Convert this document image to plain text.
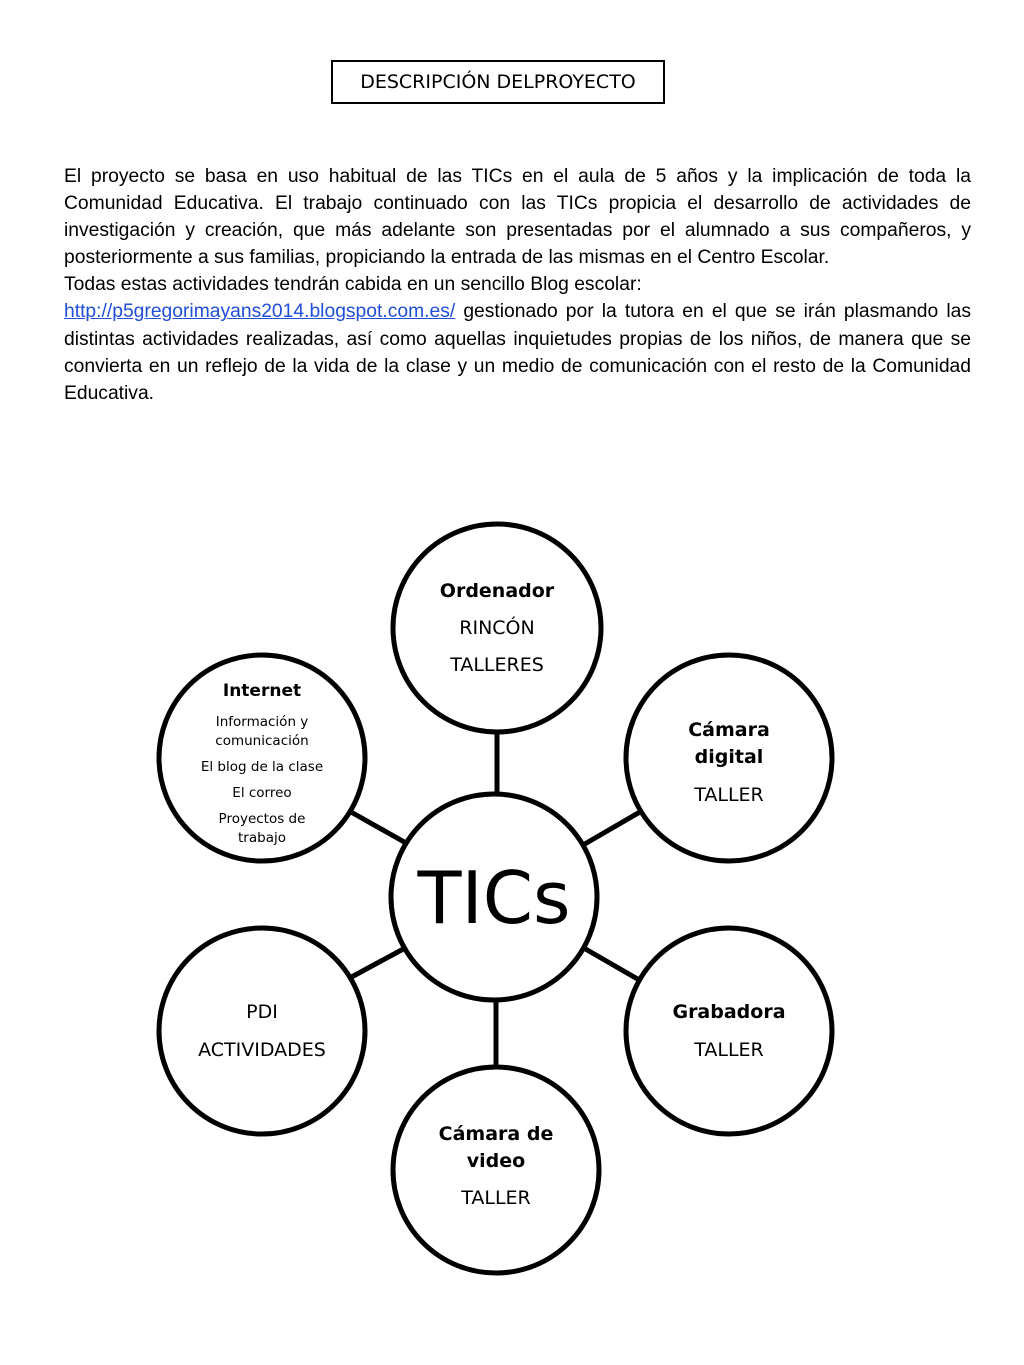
DESCRIPCIÓN DELPROYECTO

El proyecto se basa en uso habitual de las TICs en el aula de 5 años y la implicación de toda la Comunidad Educativa. El trabajo continuado con las TICs propicia el desarrollo de actividades de investigación y creación, que más adelante son presentadas por el alumnado a sus compañeros, y posteriormente a sus familias, propiciando la entrada de las mismas en el Centro Escolar.

Todas estas actividades tendrán cabida en un sencillo Blog escolar:
http://p5gregorimayans2014.blogspot.com.es/ gestionado por la tutora en el que se irán plasmando las distintas actividades realizadas, así como aquellas inquietudes propias de los niños, de manera que se convierta en un reflejo de la vida de la clase y un medio de comunicación con el resto de la Comunidad Educativa.

TICs
Ordenador
RINCÓN
TALLERES
Cámara
digital
TALLER
Grabadora
TALLER
Cámara de
video
TALLER
PDI
ACTIVIDADES
Internet
Información y
comunicación
El blog de la clase
El correo
Proyectos de
trabajo
